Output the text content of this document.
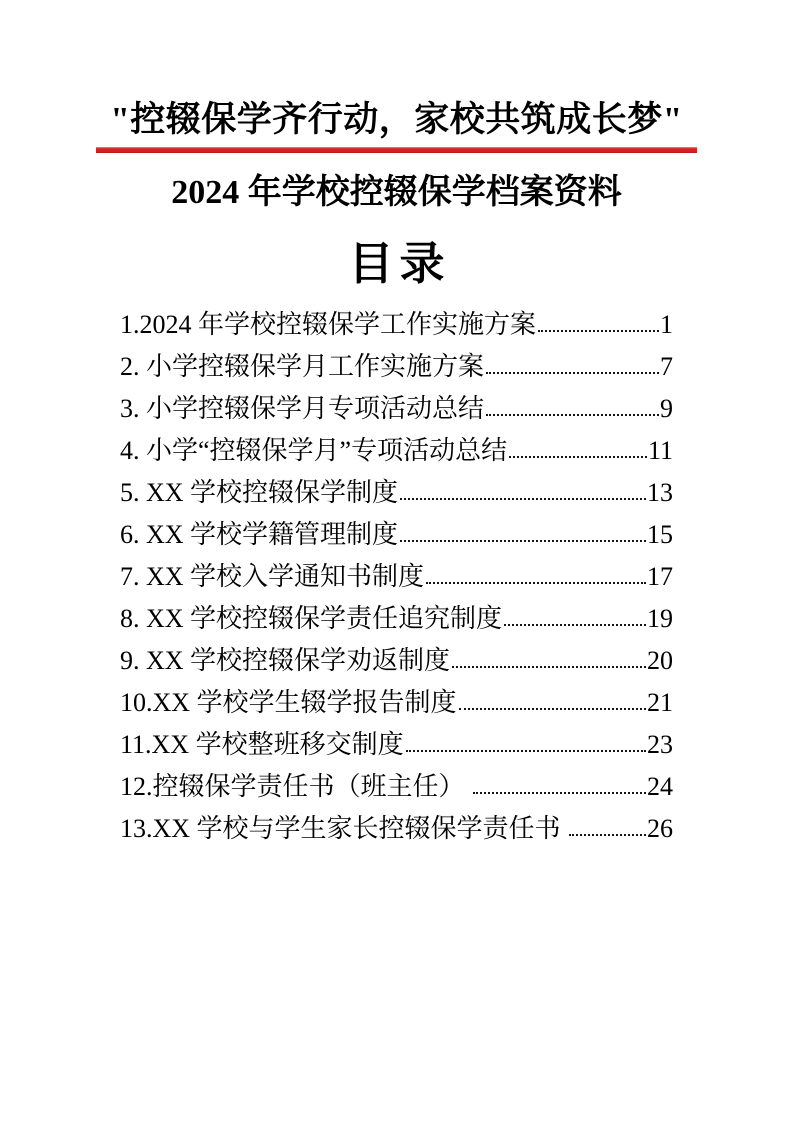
"控辍保学齐行动，家校共筑成长梦"
2024 年学校控辍保学档案资料
目录
1.2024 年学校控辍保学工作实施方案	1
2. 小学控辍保学月工作实施方案	7
3. 小学控辍保学月专项活动总结	9
4. 小学“控辍保学月”专项活动总结	11
5. XX 学校控辍保学制度	13
6. XX 学校学籍管理制度	15
7. XX 学校入学通知书制度	17
8. XX 学校控辍保学责任追究制度	19
9. XX 学校控辍保学劝返制度	20
10.XX 学校学生辍学报告制度	21
11.XX 学校整班移交制度	23
12.控辍保学责任书（班主任）	24
13.XX 学校与学生家长控辍保学责任书	26
